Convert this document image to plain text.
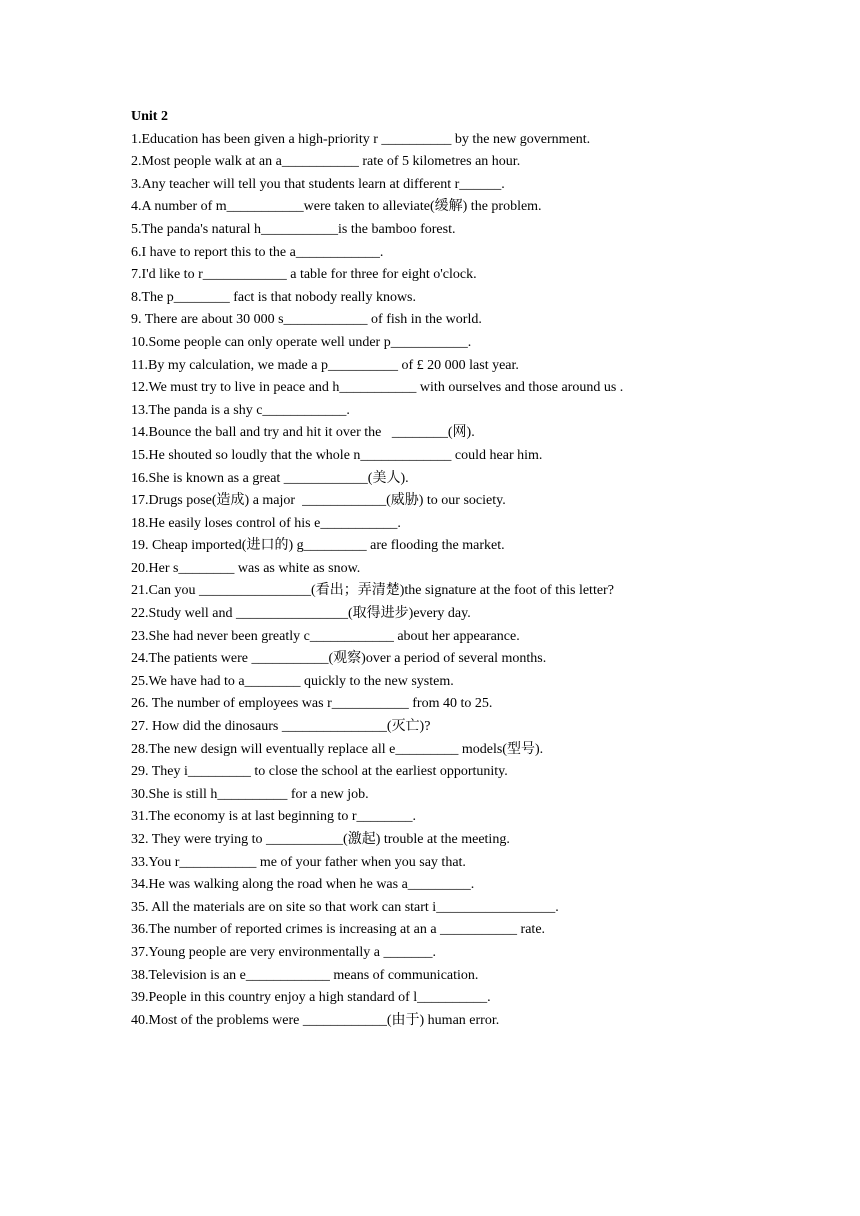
Unit 2
1.Education has been given a high-priority r __________ by the new government.
2.Most people walk at an a___________ rate of 5 kilometres an hour.
3.Any teacher will tell you that students learn at different r______.
4.A number of m___________were taken to alleviate(缓解) the problem.
5.The panda's natural h___________is the bamboo forest.
6.I have to report this to the a____________.
7.I'd like to r____________ a table for three for eight o'clock.
8.The p________ fact is that nobody really knows.
9. There are about 30 000 s____________ of fish in the world.
10.Some people can only operate well under p___________.
11.By my calculation, we made a p__________ of £ 20 000 last year.
12.We must try to live in peace and h___________ with ourselves and those around us .
13.The panda is a shy c____________.
14.Bounce the ball and try and hit it over the   ________(网).
15.He shouted so loudly that the whole n_____________ could hear him.
16.She is known as a great ____________(美人).
17.Drugs pose(造成) a major  ____________(威胁) to our society.
18.He easily loses control of his e___________.
19. Cheap imported(进口的) g_________ are flooding the market.
20.Her s________ was as white as snow.
21.Can you ________________(看出；弄清楚)the signature at the foot of this letter?
22.Study well and ________________(取得进步)every day.
23.She had never been greatly c____________ about her appearance.
24.The patients were ___________(观察)over a period of several months.
25.We have had to a________ quickly to the new system.
26. The number of employees was r___________ from 40 to 25.
27. How did the dinosaurs _______________(灭亡)?
28.The new design will eventually replace all e_________ models(型号).
29. They i_________ to close the school at the earliest opportunity.
30.She is still h__________ for a new job.
31.The economy is at last beginning to r________.
32. They were trying to ___________(激起) trouble at the meeting.
33.You r___________ me of your father when you say that.
34.He was walking along the road when he was a_________.
35. All the materials are on site so that work can start i_________________.
36.The number of reported crimes is increasing at an a ___________ rate.
37.Young people are very environmentally a _______.
38.Television is an e____________ means of communication.
39.People in this country enjoy a high standard of l__________.
40.Most of the problems were ____________(由于) human error.
